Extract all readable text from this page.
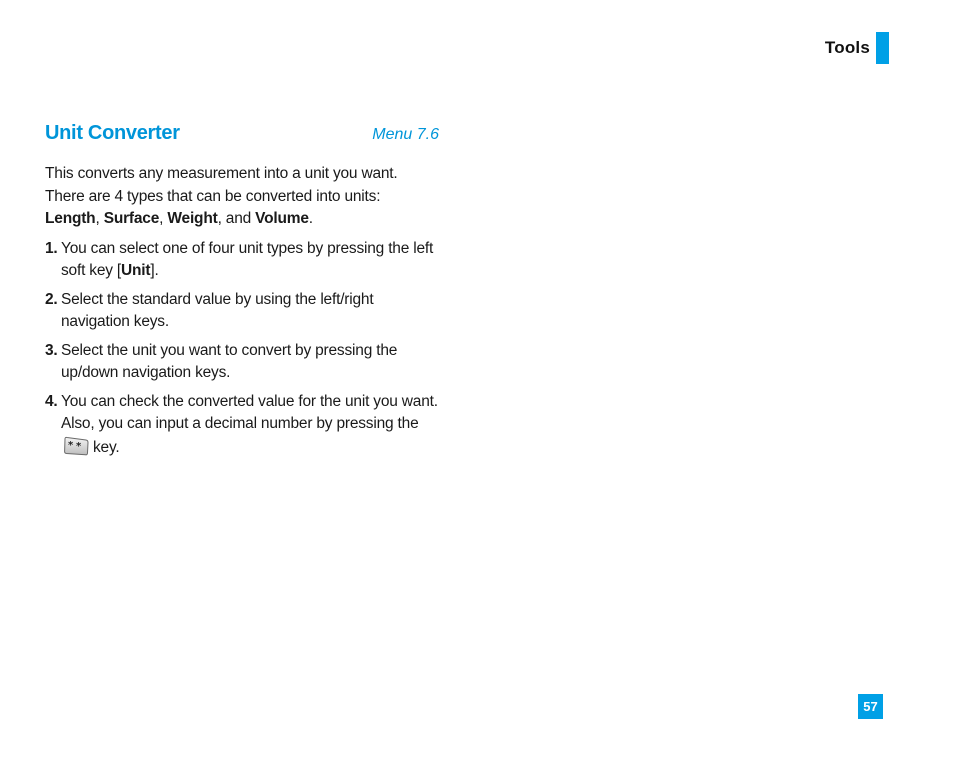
Tools
Unit Converter	Menu 7.6
This converts any measurement into a unit you want.
There are 4 types that can be converted into units:
Length, Surface, Weight, and Volume.
1. You can select one of four unit types by pressing the left soft key [Unit].
2. Select the standard value by using the left/right navigation keys.
3. Select the unit you want to convert by pressing the up/down navigation keys.
4. You can check the converted value for the unit you want. Also, you can input a decimal number by pressing the
* * key.
57
